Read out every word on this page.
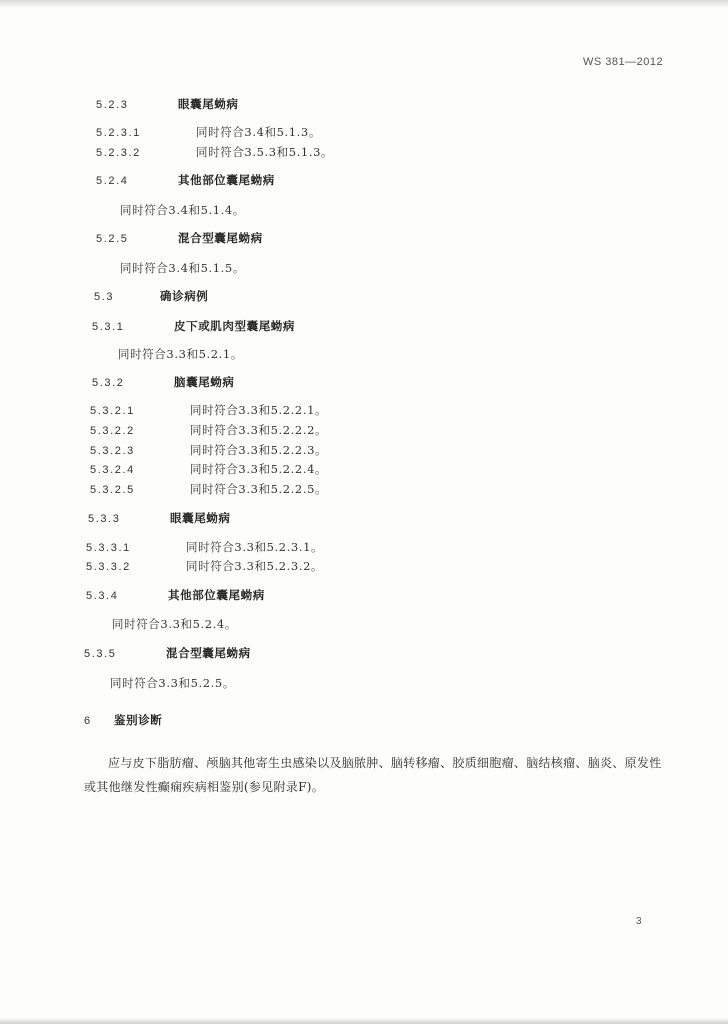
WS 381—2012
5.2.3	眼囊尾蚴病
5.2.3.1	同时符合3.4和5.1.3。
5.2.3.2	同时符合3.5.3和5.1.3。
5.2.4	其他部位囊尾蚴病
同时符合3.4和5.1.4。
5.2.5	混合型囊尾蚴病
同时符合3.4和5.1.5。
5.3	确诊病例
5.3.1	皮下或肌肉型囊尾蚴病
同时符合3.3和5.2.1。
5.3.2	脑囊尾蚴病
5.3.2.1	同时符合3.3和5.2.2.1。
5.3.2.2	同时符合3.3和5.2.2.2。
5.3.2.3	同时符合3.3和5.2.2.3。
5.3.2.4	同时符合3.3和5.2.2.4。
5.3.2.5	同时符合3.3和5.2.2.5。
5.3.3	眼囊尾蚴病
5.3.3.1	同时符合3.3和5.2.3.1。
5.3.3.2	同时符合3.3和5.2.3.2。
5.3.4	其他部位囊尾蚴病
同时符合3.3和5.2.4。
5.3.5	混合型囊尾蚴病
同时符合3.3和5.2.5。
6 鉴别诊断
应与皮下脂肪瘤、颅脑其他寄生虫感染以及脑脓肿、脑转移瘤、胶质细胞瘤、脑结核瘤、脑炎、原发性
或其他继发性癫痫疾病相鉴别(参见附录F)。
3
